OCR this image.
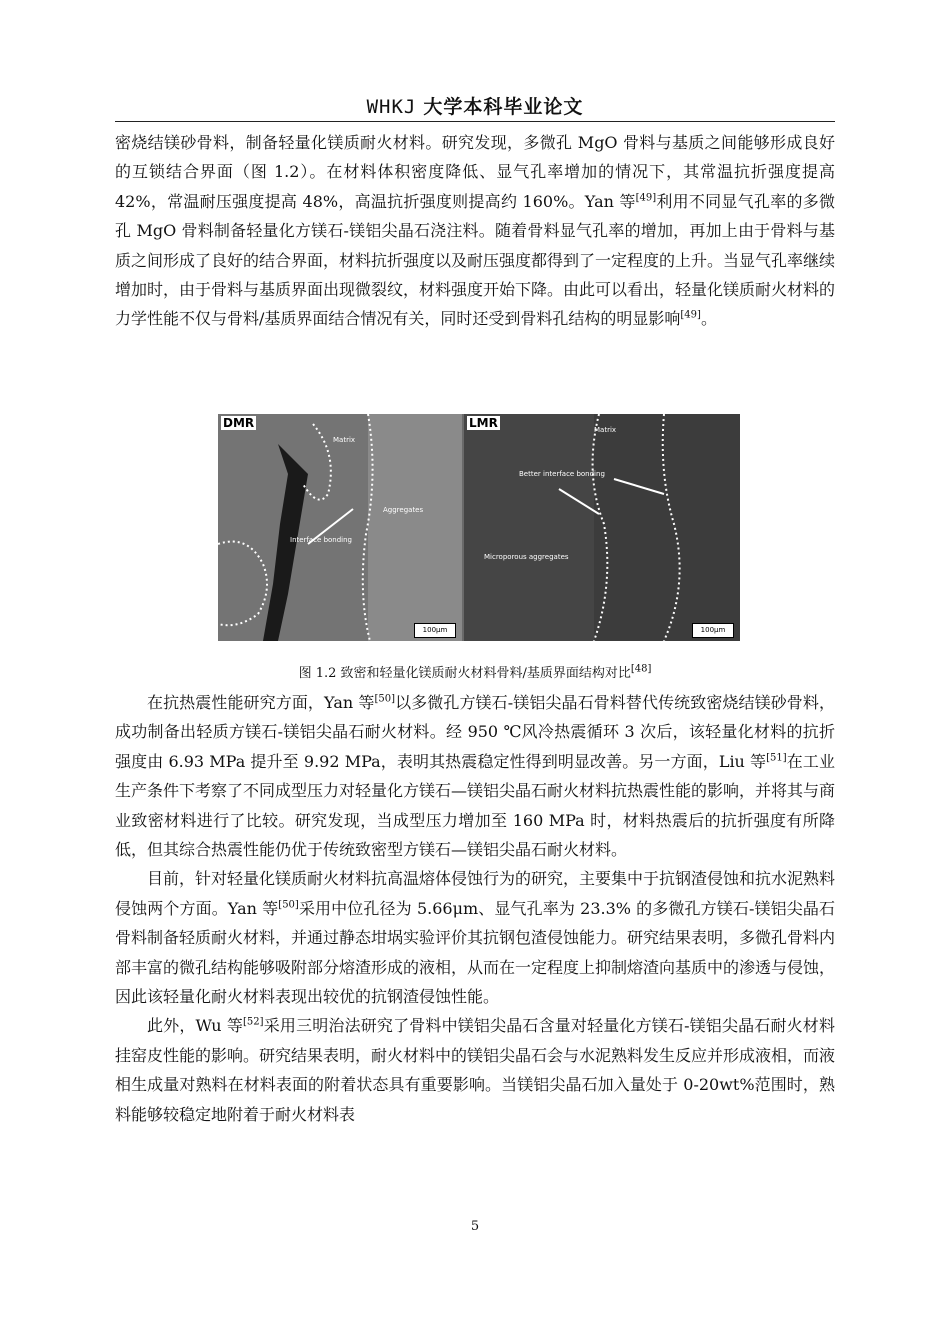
WHKJ 大学本科毕业论文

密烧结镁砂骨料，制备轻量化镁质耐火材料。研究发现，多微孔 MgO 骨料与基质之间能够形成良好的互锁结合界面（图 1.2）。在材料体积密度降低、显气孔率增加的情况下，其常温抗折强度提高 42%，常温耐压强度提高 48%，高温抗折强度则提高约 160%。Yan 等[49]利用不同显气孔率的多微孔 MgO 骨料制备轻量化方镁石-镁铝尖晶石浇注料。随着骨料显气孔率的增加，再加上由于骨料与基质之间形成了良好的结合界面，材料抗折强度以及耐压强度都得到了一定程度的上升。当显气孔率继续增加时，由于骨料与基质界面出现微裂纹，材料强度开始下降。由此可以看出，轻量化镁质耐火材料的力学性能不仅与骨料/基质界面结合情况有关，同时还受到骨料孔结构的明显影响[49]。

Matrix
Aggregates
Interface bonding
DMR
100μm
Matrix
Better interface bonding
Microporous aggregates
LMR
100μm
图 1.2 致密和轻量化镁质耐火材料骨料/基质界面结构对比[48]

在抗热震性能研究方面，Yan 等[50]以多微孔方镁石-镁铝尖晶石骨料替代传统致密烧结镁砂骨料，成功制备出轻质方镁石-镁铝尖晶石耐火材料。经 950 ℃风冷热震循环 3 次后，该轻量化材料的抗折强度由 6.93 MPa 提升至 9.92 MPa，表明其热震稳定性得到明显改善。另一方面，Liu 等[51]在工业生产条件下考察了不同成型压力对轻量化方镁石—镁铝尖晶石耐火材料抗热震性能的影响，并将其与商业致密材料进行了比较。研究发现，当成型压力增加至 160 MPa 时，材料热震后的抗折强度有所降低，但其综合热震性能仍优于传统致密型方镁石—镁铝尖晶石耐火材料。

目前，针对轻量化镁质耐火材料抗高温熔体侵蚀行为的研究，主要集中于抗钢渣侵蚀和抗水泥熟料侵蚀两个方面。Yan 等[50]采用中位孔径为 5.66μm、显气孔率为 23.3% 的多微孔方镁石-镁铝尖晶石骨料制备轻质耐火材料，并通过静态坩埚实验评价其抗钢包渣侵蚀能力。研究结果表明，多微孔骨料内部丰富的微孔结构能够吸附部分熔渣形成的液相，从而在一定程度上抑制熔渣向基质中的渗透与侵蚀，因此该轻量化耐火材料表现出较优的抗钢渣侵蚀性能。

此外，Wu 等[52]采用三明治法研究了骨料中镁铝尖晶石含量对轻量化方镁石-镁铝尖晶石耐火材料挂窑皮性能的影响。研究结果表明，耐火材料中的镁铝尖晶石会与水泥熟料发生反应并形成液相，而液相生成量对熟料在材料表面的附着状态具有重要影响。当镁铝尖晶石加入量处于 0-20wt%范围时，熟料能够较稳定地附着于耐火材料表

5
